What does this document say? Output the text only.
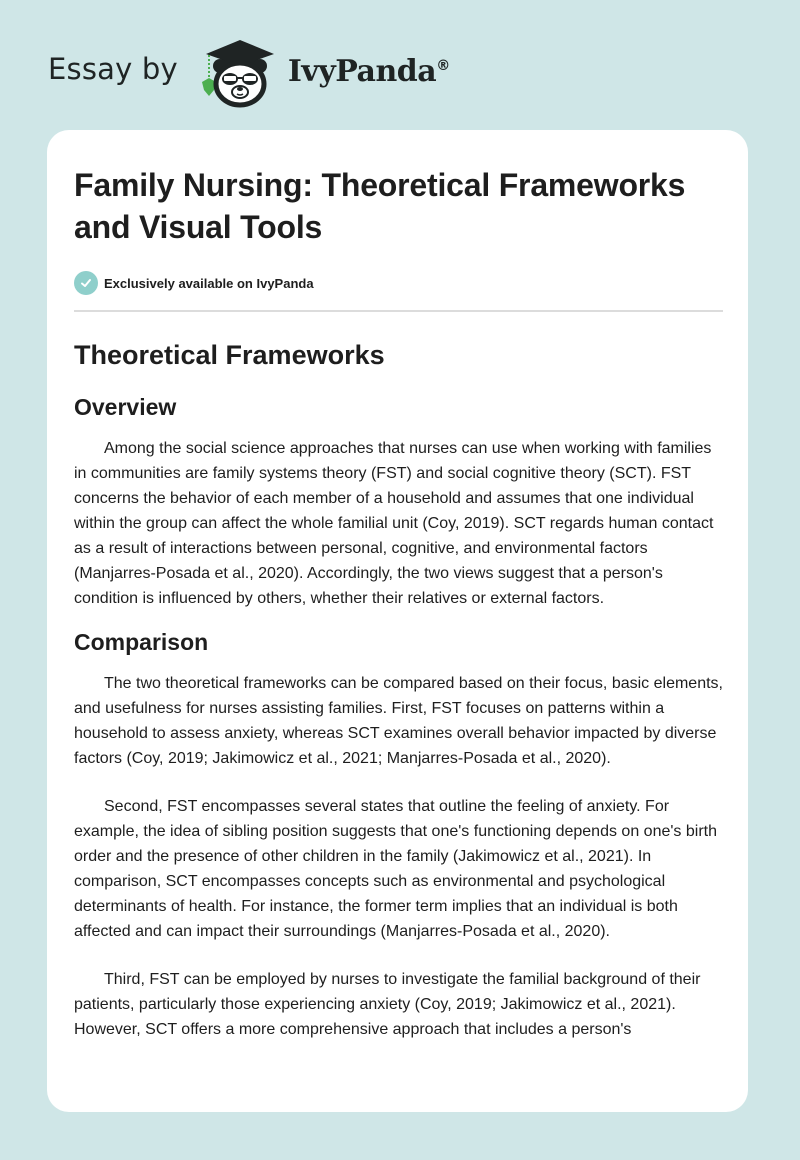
Essay by	IvyPanda®
Family Nursing: Theoretical Frameworks and Visual Tools
Exclusively available on IvyPanda
Theoretical Frameworks
Overview

Among the social science approaches that nurses can use when working with families in communities are family systems theory (FST) and social cognitive theory (SCT). FST concerns the behavior of each member of a household and assumes that one individual within the group can affect the whole familial unit (Coy, 2019). SCT regards human contact as a result of interactions between personal, cognitive, and environmental factors (Manjarres-Posada et al., 2020). Accordingly, the two views suggest that a person's condition is influenced by others, whether their relatives or external factors.

Comparison

The two theoretical frameworks can be compared based on their focus, basic elements, and usefulness for nurses assisting families. First, FST focuses on patterns within a household to assess anxiety, whereas SCT examines overall behavior impacted by diverse factors (Coy, 2019; Jakimowicz et al., 2021; Manjarres-Posada et al., 2020).

Second, FST encompasses several states that outline the feeling of anxiety. For example, the idea of sibling position suggests that one's functioning depends on one's birth order and the presence of other children in the family (Jakimowicz et al., 2021). In comparison, SCT encompasses concepts such as environmental and psychological determinants of health. For instance, the former term implies that an individual is both affected and can impact their surroundings (Manjarres-Posada et al., 2020).

Third, FST can be employed by nurses to investigate the familial background of their patients, particularly those experiencing anxiety (Coy, 2019; Jakimowicz et al., 2021). However, SCT offers a more comprehensive approach that includes a person's
